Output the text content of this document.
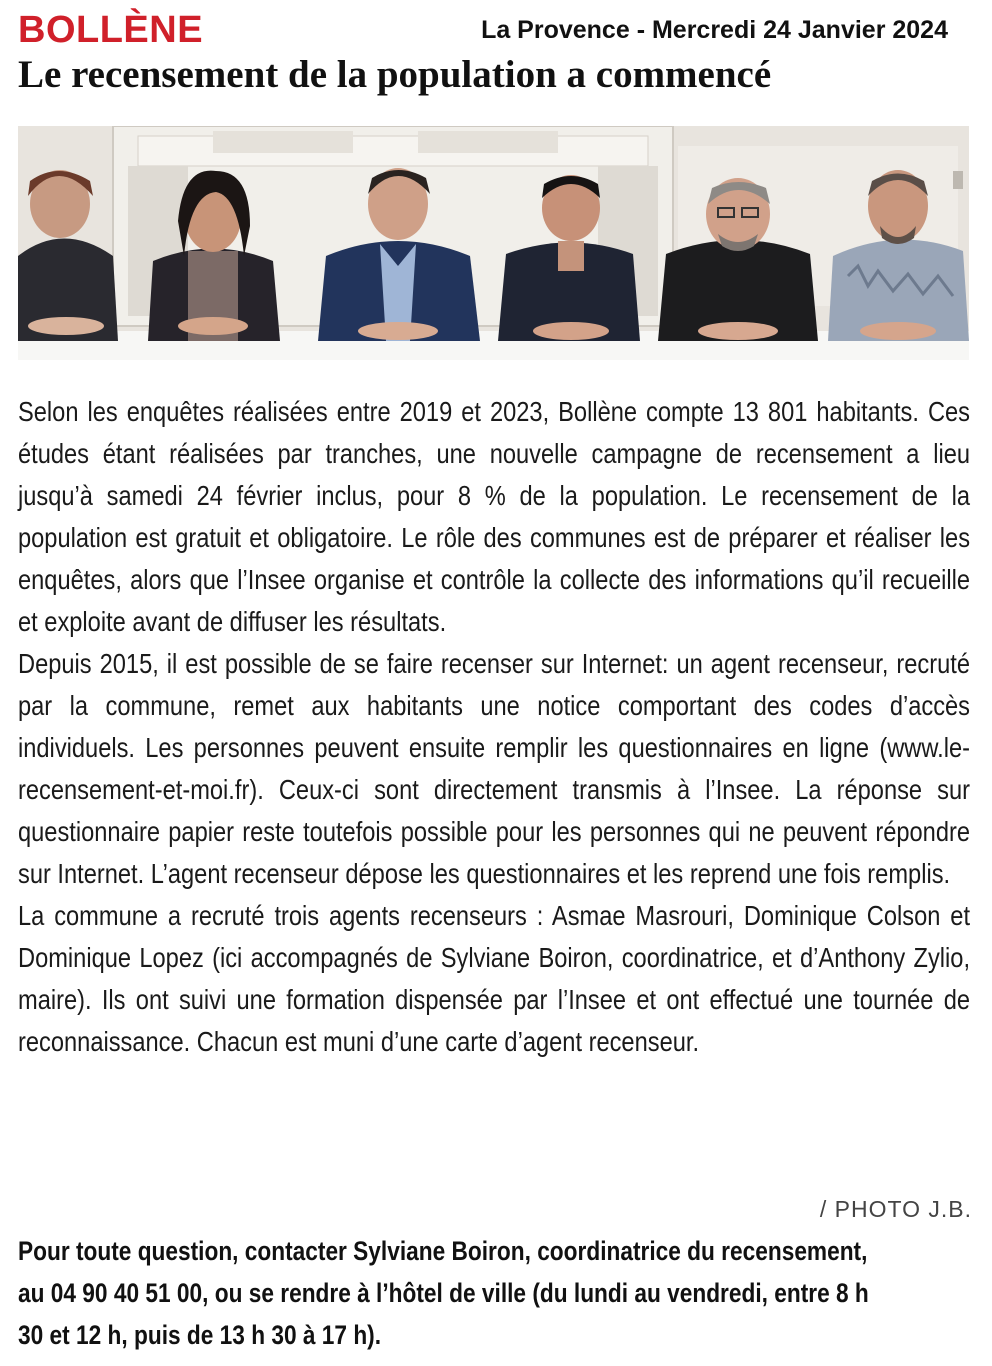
BOLLÈNE	La Provence - Mercredi 24 Janvier 2024
Le recensement de la population a commencé

Selon les enquêtes réalisées entre 2019 et 2023, Bollène compte 13 801 habitants. Ces études étant réalisées par tranches, une nouvelle campagne de recensement a lieu jusqu’à samedi 24 février inclus, pour 8 % de la population. Le recensement de la population est gratuit et obligatoire. Le rôle des communes est de préparer et réaliser les enquêtes, alors que l’Insee organise et contrôle la collecte des informations qu’il recueille et exploite avant de diffuser les résultats.

Depuis 2015, il est possible de se faire recenser sur Internet: un agent recenseur, recruté par la commune, remet aux habitants une notice comportant des codes d’accès individuels. Les personnes peuvent ensuite remplir les questionnaires en ligne (www.le-recensement-et-moi.fr). Ceux-ci sont directement transmis à l’Insee. La réponse sur questionnaire papier reste toutefois possible pour les personnes qui ne peuvent répondre sur Internet. L’agent recenseur dépose les questionnaires et les reprend une fois remplis.

La commune a recruté trois agents recenseurs : Asmae Masrouri, Dominique Colson et Dominique Lopez (ici accompagnés de Sylviane Boiron, coordinatrice, et d’Anthony Zylio, maire). Ils ont suivi une formation dispensée par l’Insee et ont effectué une tournée de reconnaissance. Chacun est muni d’une carte d’agent recenseur.

/ PHOTO J.B.
Pour toute question, contacter Sylviane Boiron, coordinatrice du recensement, au 04 90 40 51 00, ou se rendre à l’hôtel de ville (du lundi au vendredi, entre 8 h 30 et 12 h, puis de 13 h 30 à 17 h).
